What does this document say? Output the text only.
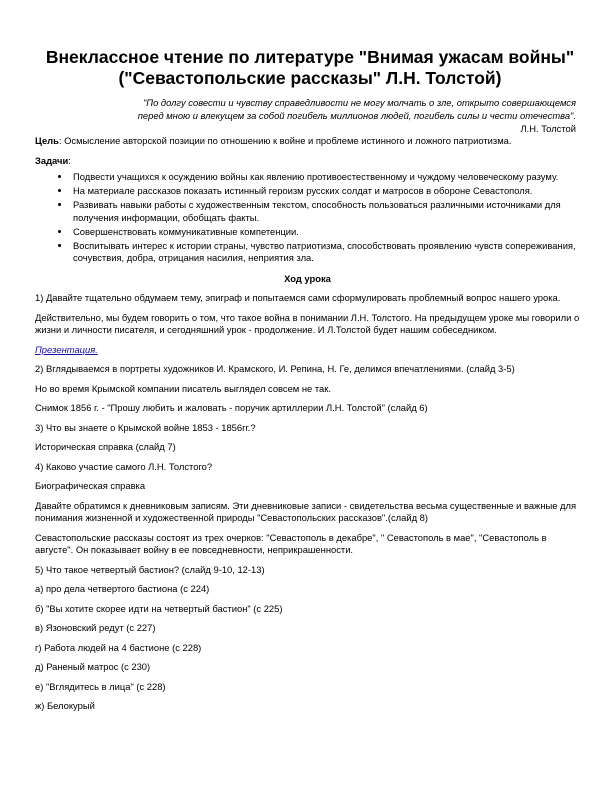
Внеклассное чтение по литературе "Внимая ужасам войны" ("Севастопольские рассказы" Л.Н. Толстой)
"По долгу совести и чувству справедливости не могу молчать о зле, открыто совершающемся
перед мною и влекущем за собой погибель миллионов людей, погибель силы и чести отечества".
Л.Н. Толстой

Цель: Осмысление авторской позиции по отношению к войне и проблеме истинного и ложного патриотизма.

Задачи:

• Подвести учащихся к осуждению войны как явлению противоестественному и чуждому человеческому разуму.
• На материале рассказов показать истинный героизм русских солдат и матросов в обороне Севастополя.
• Развивать навыки работы с художественным текстом, способность пользоваться различными источниками для получения информации, обобщать факты.
• Совершенствовать коммуникативные компетенции.
• Воспитывать интерес к истории страны, чувство патриотизма, способствовать проявлению чувств сопереживания, сочувствия, добра, отрицания насилия, неприятия зла.
Ход урока

1) Давайте тщательно обдумаем тему, эпиграф и попытаемся сами сформулировать проблемный вопрос нашего урока.

Действительно, мы будем говорить о том, что такое война в понимании Л.Н. Толстого. На предыдущем уроке мы говорили о жизни и личности писателя, и сегодняшний урок - продолжение. И Л.Толстой будет нашим собеседником.

Презентация.

2) Вглядываемся в портреты художников И. Крамского, И. Репина, Н. Ге, делимся впечатлениями. (слайд 3-5)

Но во время Крымской компании писатель выглядел совсем не так.

Снимок 1856 г. - "Прошу любить и жаловать - поручик артиллерии Л.Н. Толстой" (слайд 6)

3) Что вы знаете о Крымской войне 1853 - 1856гг.?

Историческая справка (слайд 7)

4) Каково участие самого Л.Н. Толстого?

Биографическая справка

Давайте обратимся к дневниковым записям. Эти дневниковые записи - свидетельства весьма существенные и важные для понимания жизненной и художественной природы "Севастопольских рассказов".(слайд 8)

Севастопольские рассказы состоят из трех очерков: "Севастополь в декабре", " Севастополь в мае", "Севастополь в августе". Он показывает войну в ее повседневности, неприкрашенности.

5) Что такое четвертый бастион? (слайд 9-10, 12-13)

а) про дела четвертого бастиона (с 224)

б) "Вы хотите скорее идти на четвертый бастион" (с 225)

в) Язоновский редут (с 227)

г) Работа людей на 4 бастионе (с 228)

д) Раненый матрос (с 230)

е) "Вглядитесь в лица" (с 228)

ж) Белокурый
